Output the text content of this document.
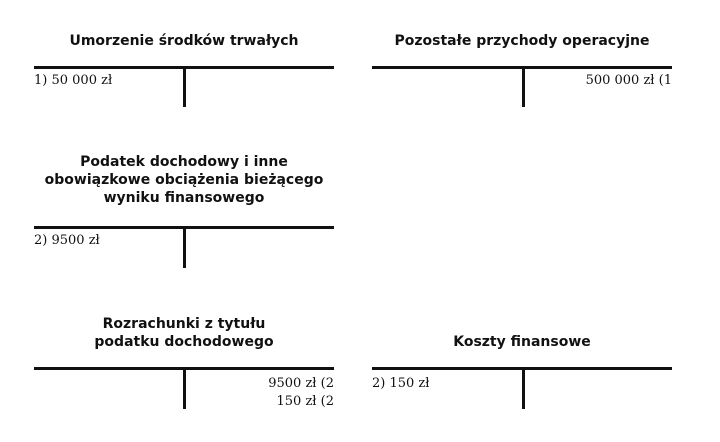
Umorzenie środków trwałych
1) 50 000 zł
Pozostałe przychody operacyjne
500 000 zł (1
Podatek dochodowy i inne
obowiązkowe obciążenia bieżącego
wyniku finansowego
2) 9500 zł
Rozrachunki z tytułu
podatku dochodowego
9500 zł (2
150 zł (2
Koszty finansowe
2) 150 zł
